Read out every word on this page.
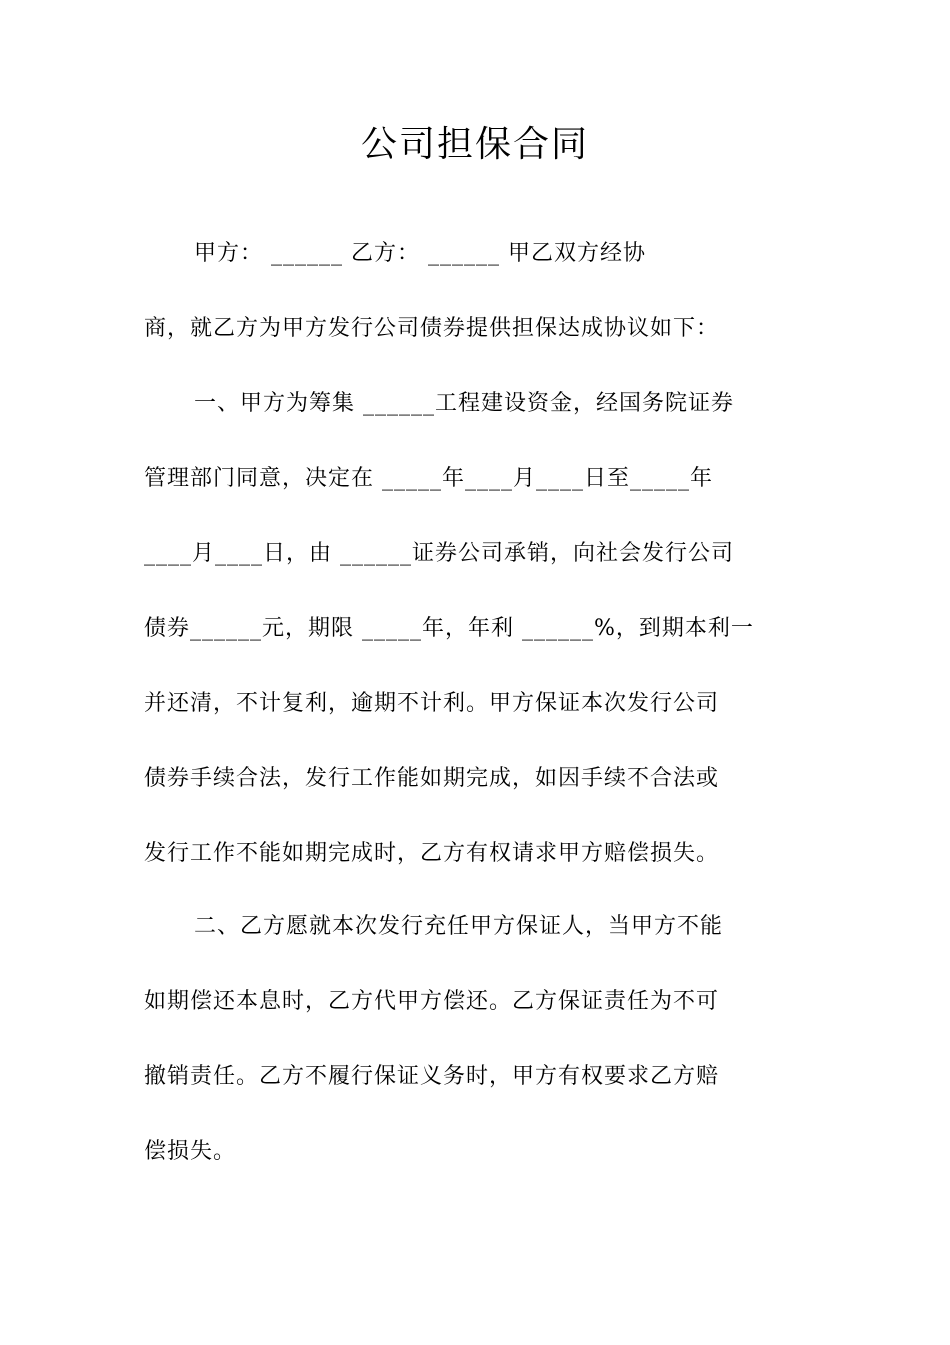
公司担保合同
甲方： ______ 乙方： ______ 甲乙双方经协
商，就乙方为甲方发行公司债券提供担保达成协议如下：
一、甲方为筹集 ______工程建设资金，经国务院证券
管理部门同意，决定在 _____年____月____日至_____年
____月____日，由 ______证券公司承销，向社会发行公司
债券______元，期限 _____年，年利 ______%，到期本利一
并还清，不计复利，逾期不计利。甲方保证本次发行公司
债券手续合法，发行工作能如期完成，如因手续不合法或
发行工作不能如期完成时，乙方有权请求甲方赔偿损失。
二、乙方愿就本次发行充任甲方保证人，当甲方不能
如期偿还本息时，乙方代甲方偿还。乙方保证责任为不可
撤销责任。乙方不履行保证义务时，甲方有权要求乙方赔
偿损失。
